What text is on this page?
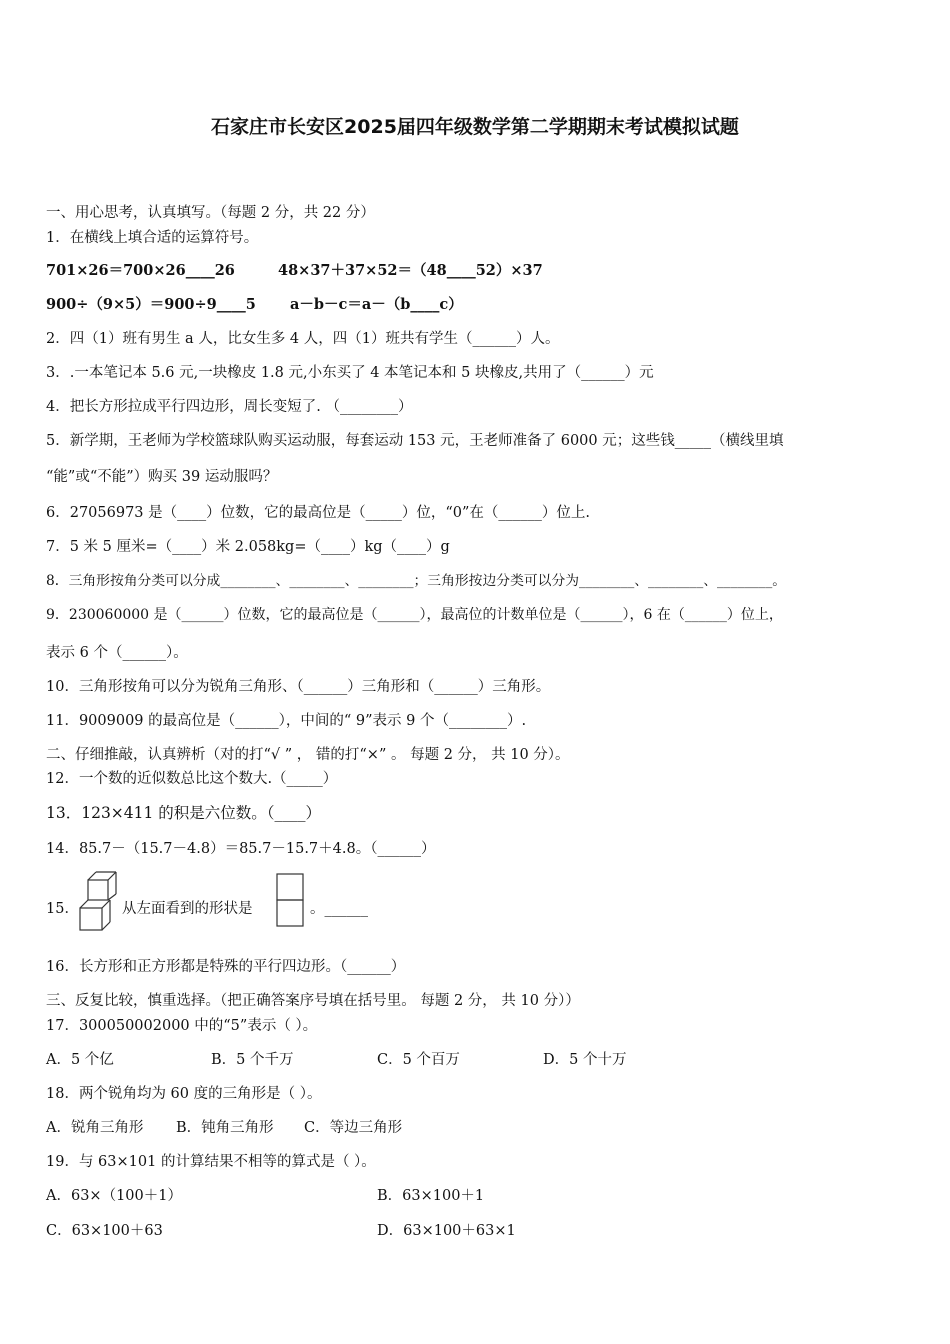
石家庄市长安区2025届四年级数学第二学期期末考试模拟试题
一、用心思考，认真填写。（每题 2 分，共 22 分）
1．在横线上填合适的运算符号。
701×26＝700×26____26	48×37＋37×52＝（48____52）×37
900÷（9×5）＝900÷9____5 a－b－c＝a－（b____c）
2．四（1）班有男生 a 人，比女生多 4 人，四（1）班共有学生（______）人。
3．.一本笔记本 5.6 元,一块橡皮 1.8 元,小东买了 4 本笔记本和 5 块橡皮,共用了（______）元
4．把长方形拉成平行四边形，周长变短了. （________）
5．新学期，王老师为学校篮球队购买运动服，每套运动 153 元，王老师准备了 6000 元；这些钱_____（横线里填
“能”或“不能”）购买 39 运动服吗？
6．27056973 是（____）位数，它的最高位是（_____）位，“0”在（______）位上.
7．5 米 5 厘米=（____）米 2.058kg=（____）kg（____）g
8．三角形按角分类可以分成________、________、________；三角形按边分类可以分为________、________、________。
9．230060000 是（______）位数，它的最高位是（______），最高位的计数单位是（______），6 在（______）位上，
表示 6 个（______）。
10．三角形按角可以分为锐角三角形、（______）三角形和（______）三角形。
11．9009009 的最高位是（______），中间的“ 9”表示 9 个（________）.
二、仔细推敲，认真辨析（对的打“√ ” ， 错的打“×” 。 每题 2 分， 共 10 分）。
12．一个数的近似数总比这个数大.（_____）
13．123×411 的积是六位数。（____）
14．85.7－（15.7－4.8）＝85.7－15.7＋4.8。（______）
15．	从左面看到的形状是	。______
16．长方形和正方形都是特殊的平行四边形。（______）
三、反复比较，慎重选择。（把正确答案序号填在括号里。 每题 2 分， 共 10 分））
17．300050002000 中的“5”表示（ ）。
A．5 个亿	B．5 个千万	C．5 个百万	D．5 个十万
18．两个锐角均为 60 度的三角形是（ ）。
A．锐角三角形 B．钝角三角形 C．等边三角形
19．与 63×101 的计算结果不相等的算式是（ ）。
A．63×（100＋1）	B．63×100＋1
C．63×100＋63	D．63×100＋63×1
